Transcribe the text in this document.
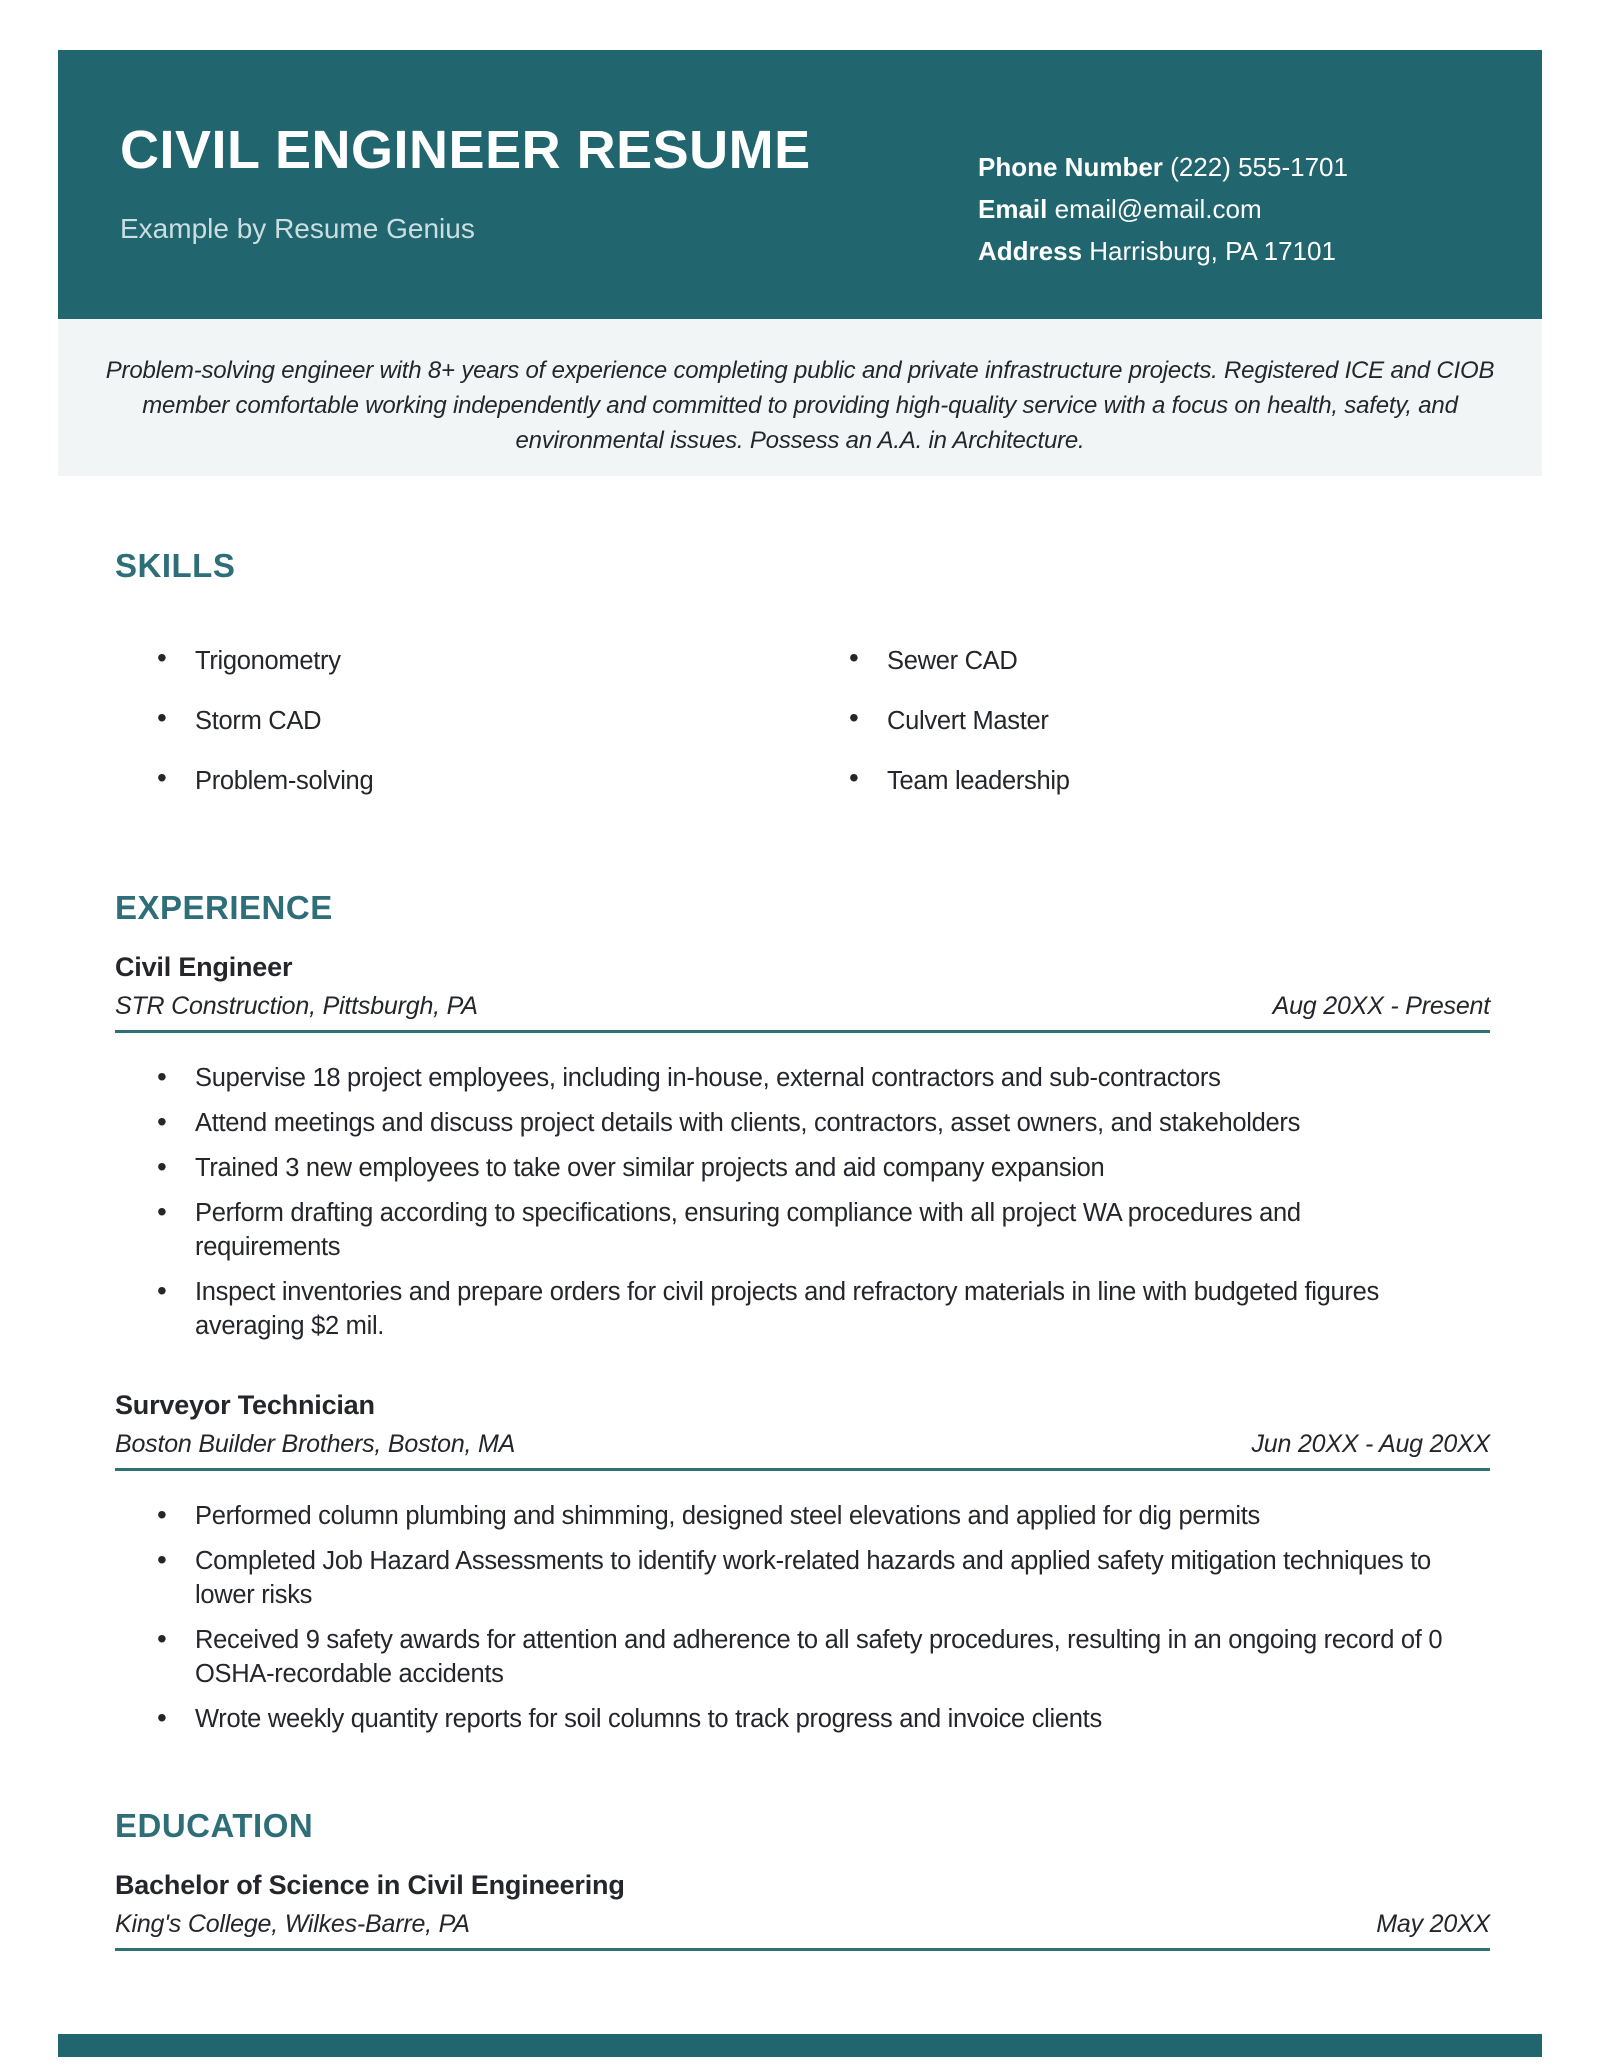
CIVIL ENGINEER RESUME
Example by Resume Genius
Phone Number (222) 555-1701
Email email@email.com
Address Harrisburg, PA 17101
Problem-solving engineer with 8+ years of experience completing public and private infrastructure projects. Registered ICE and CIOB member comfortable working independently and committed to providing high-quality service with a focus on health, safety, and environmental issues. Possess an A.A. in Architecture.
SKILLS
• Trigonometry
• Storm CAD
• Problem-solving
• Sewer CAD
• Culvert Master
• Team leadership
EXPERIENCE
Civil Engineer
STR Construction, Pittsburgh, PA	Aug 20XX - Present
• Supervise 18 project employees, including in-house, external contractors and sub-contractors
• Attend meetings and discuss project details with clients, contractors, asset owners, and stakeholders
• Trained 3 new employees to take over similar projects and aid company expansion
• Perform drafting according to specifications, ensuring compliance with all project WA procedures and requirements
• Inspect inventories and prepare orders for civil projects and refractory materials in line with budgeted figures averaging $2 mil.
Surveyor Technician
Boston Builder Brothers, Boston, MA	Jun 20XX - Aug 20XX
• Performed column plumbing and shimming, designed steel elevations and applied for dig permits
• Completed Job Hazard Assessments to identify work-related hazards and applied safety mitigation techniques to lower risks
• Received 9 safety awards for attention and adherence to all safety procedures, resulting in an ongoing record of 0 OSHA-recordable accidents
• Wrote weekly quantity reports for soil columns to track progress and invoice clients
EDUCATION
Bachelor of Science in Civil Engineering
King's College, Wilkes-Barre, PA	May 20XX
